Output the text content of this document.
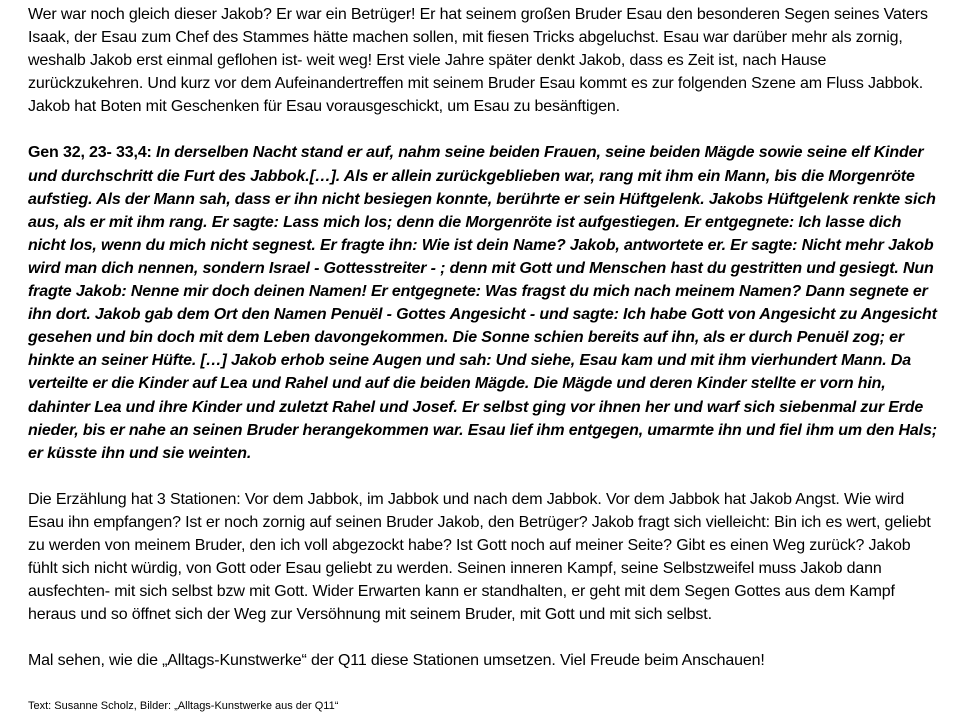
Wer war noch gleich dieser Jakob? Er war ein Betrüger! Er hat seinem großen Bruder Esau den besonderen Segen seines Vaters Isaak, der Esau zum Chef des Stammes hätte machen sollen, mit fiesen Tricks abgeluchst. Esau war darüber mehr als zornig, weshalb Jakob erst einmal geflohen ist- weit weg! Erst viele Jahre später denkt Jakob, dass es Zeit ist, nach Hause zurückzukehren. Und kurz vor dem Aufeinandertreffen mit seinem Bruder Esau kommt es zur folgenden Szene am Fluss Jabbok. Jakob hat Boten mit Geschenken für Esau vorausgeschickt, um Esau zu besänftigen.

Gen 32, 23- 33,4: In derselben Nacht stand er auf, nahm seine beiden Frauen, seine beiden Mägde sowie seine elf Kinder und durchschritt die Furt des Jabbok.[…]. Als er allein zurückgeblieben war, rang mit ihm ein Mann, bis die Morgenröte aufstieg. Als der Mann sah, dass er ihn nicht besiegen konnte, berührte er sein Hüftgelenk. Jakobs Hüftgelenk renkte sich aus, als er mit ihm rang. Er sagte: Lass mich los; denn die Morgenröte ist aufgestiegen. Er entgegnete: Ich lasse dich nicht los, wenn du mich nicht segnest. Er fragte ihn: Wie ist dein Name? Jakob, antwortete er. Er sagte: Nicht mehr Jakob wird man dich nennen, sondern Israel - Gottesstreiter - ; denn mit Gott und Menschen hast du gestritten und gesiegt. Nun fragte Jakob: Nenne mir doch deinen Namen! Er entgegnete: Was fragst du mich nach meinem Namen? Dann segnete er ihn dort. Jakob gab dem Ort den Namen Penuël - Gottes Angesicht - und sagte: Ich habe Gott von Angesicht zu Angesicht gesehen und bin doch mit dem Leben davongekommen. Die Sonne schien bereits auf ihn, als er durch Penuël zog; er hinkte an seiner Hüfte. […] Jakob erhob seine Augen und sah: Und siehe, Esau kam und mit ihm vierhundert Mann. Da verteilte er die Kinder auf Lea und Rahel und auf die beiden Mägde. Die Mägde und deren Kinder stellte er vorn hin, dahinter Lea und ihre Kinder und zuletzt Rahel und Josef. Er selbst ging vor ihnen her und warf sich siebenmal zur Erde nieder, bis er nahe an seinen Bruder herangekommen war. Esau lief ihm entgegen, umarmte ihn und fiel ihm um den Hals; er küsste ihn und sie weinten.

Die Erzählung hat 3 Stationen: Vor dem Jabbok, im Jabbok und nach dem Jabbok. Vor dem Jabbok hat Jakob Angst. Wie wird Esau ihn empfangen? Ist er noch zornig auf seinen Bruder Jakob, den Betrüger? Jakob fragt sich vielleicht: Bin ich es wert, geliebt zu werden von meinem Bruder, den ich voll abgezockt habe? Ist Gott noch auf meiner Seite? Gibt es einen Weg zurück? Jakob fühlt sich nicht würdig, von Gott oder Esau geliebt zu werden. Seinen inneren Kampf, seine Selbstzweifel muss Jakob dann ausfechten- mit sich selbst bzw mit Gott. Wider Erwarten kann er standhalten, er geht mit dem Segen Gottes aus dem Kampf heraus und so öffnet sich der Weg zur Versöhnung mit seinem Bruder, mit Gott und mit sich selbst.

Mal sehen, wie die „Alltags-Kunstwerke“ der Q11 diese Stationen umsetzen. Viel Freude beim Anschauen!

Text: Susanne Scholz, Bilder: „Alltags-Kunstwerke aus der Q11“
